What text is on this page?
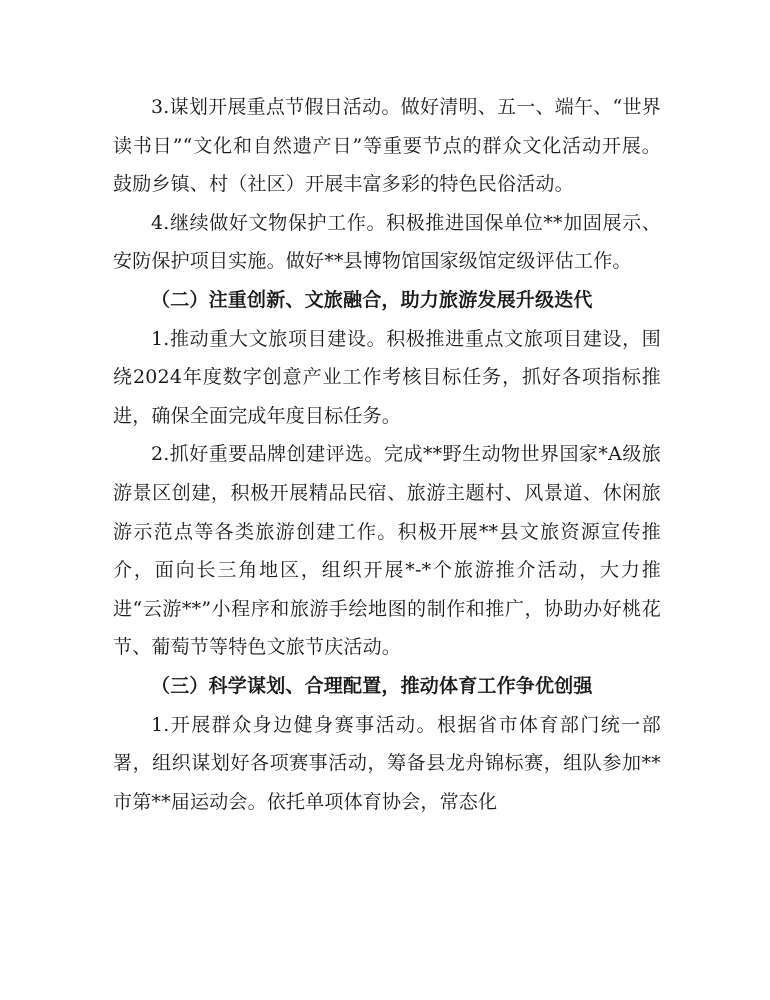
3.谋划开展重点节假日活动。做好清明、五一、端午、“世界读书日”“文化和自然遗产日”等重要节点的群众文化活动开展。鼓励乡镇、村（社区）开展丰富多彩的特色民俗活动。

4.继续做好文物保护工作。积极推进国保单位**加固展示、安防保护项目实施。做好**县博物馆国家级馆定级评估工作。

（二）注重创新、文旅融合，助力旅游发展升级迭代

1.推动重大文旅项目建设。积极推进重点文旅项目建设，围绕2024年度数字创意产业工作考核目标任务，抓好各项指标推进，确保全面完成年度目标任务。

2.抓好重要品牌创建评选。完成**野生动物世界国家*A级旅游景区创建，积极开展精品民宿、旅游主题村、风景道、休闲旅游示范点等各类旅游创建工作。积极开展**县文旅资源宣传推介，面向长三角地区，组织开展*-*个旅游推介活动，大力推进“云游**”小程序和旅游手绘地图的制作和推广，协助办好桃花节、葡萄节等特色文旅节庆活动。

（三）科学谋划、合理配置，推动体育工作争优创强

1.开展群众身边健身赛事活动。根据省市体育部门统一部署，组织谋划好各项赛事活动，筹备县龙舟锦标赛，组队参加**市第**届运动会。依托单项体育协会，常态化
